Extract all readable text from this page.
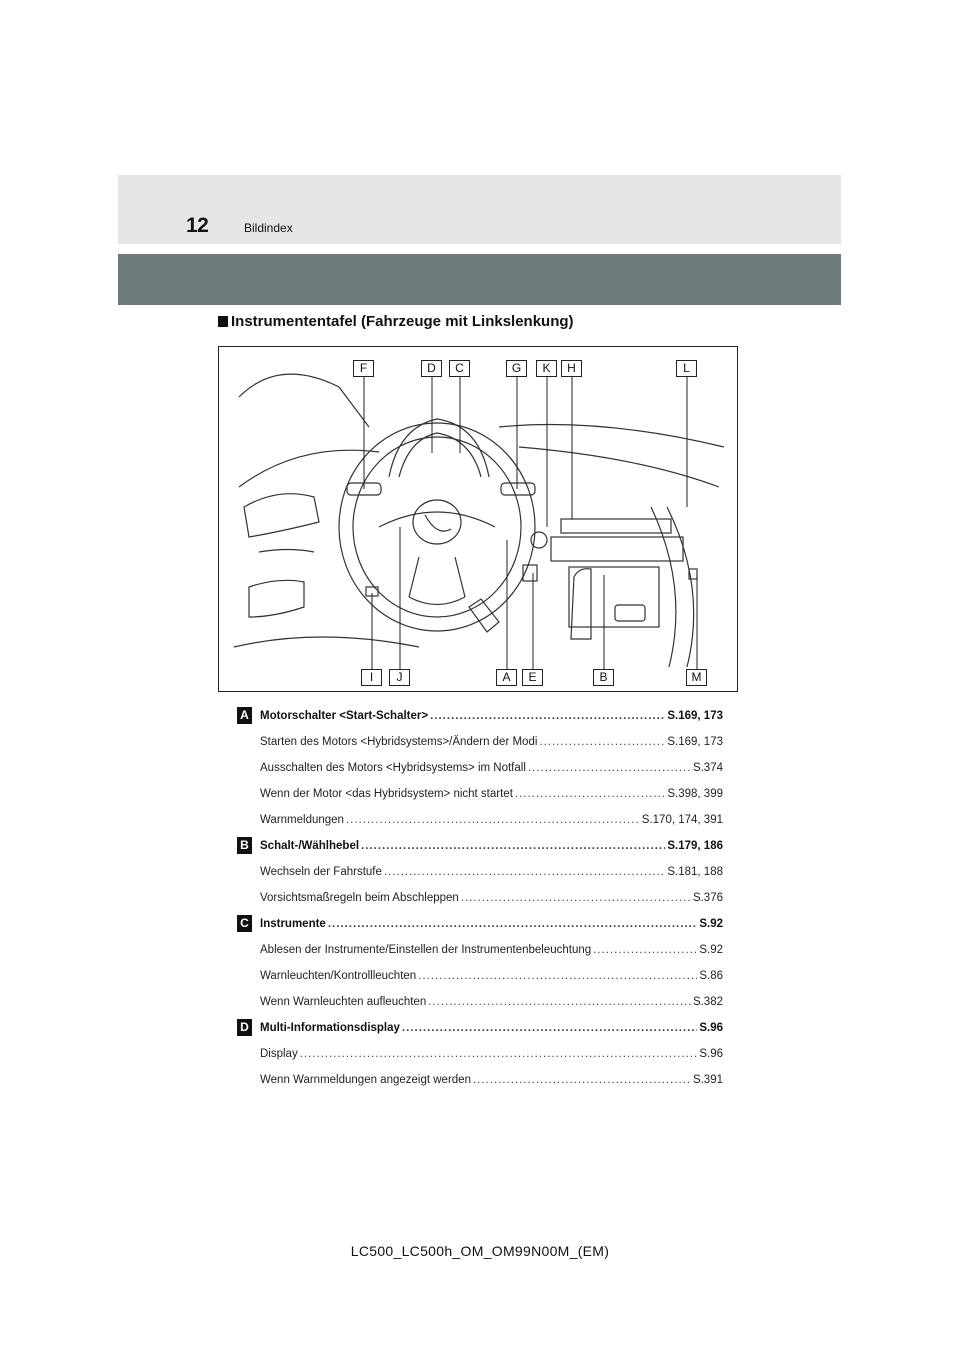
12	Bildindex
Instrumententafel (Fahrzeuge mit Linkslenkung)
F	D	C	G	K	H	L
I	J	A	E	B	M
A Motorschalter <Start-Schalter> .....	S.169, 173
Starten des Motors <Hybridsystems>/Ändern der Modi .....	S.169, 173
Ausschalten des Motors <Hybridsystems> im Notfall .....	S.374
Wenn der Motor <das Hybridsystem> nicht startet .....	S.398, 399
Warnmeldungen .....	S.170, 174, 391
B Schalt-/Wählhebel .....	S.179, 186
Wechseln der Fahrstufe .....	S.181, 188
Vorsichtsmaßregeln beim Abschleppen .....	S.376
C Instrumente .....	S.92
Ablesen der Instrumente/Einstellen der Instrumentenbeleuchtung .....	S.92
Warnleuchten/Kontrollleuchten .....	S.86
Wenn Warnleuchten aufleuchten .....	S.382
D Multi-Informationsdisplay .....	S.96
Display .....	S.96
Wenn Warnmeldungen angezeigt werden .....	S.391
LC500_LC500h_OM_OM99N00M_(EM)
